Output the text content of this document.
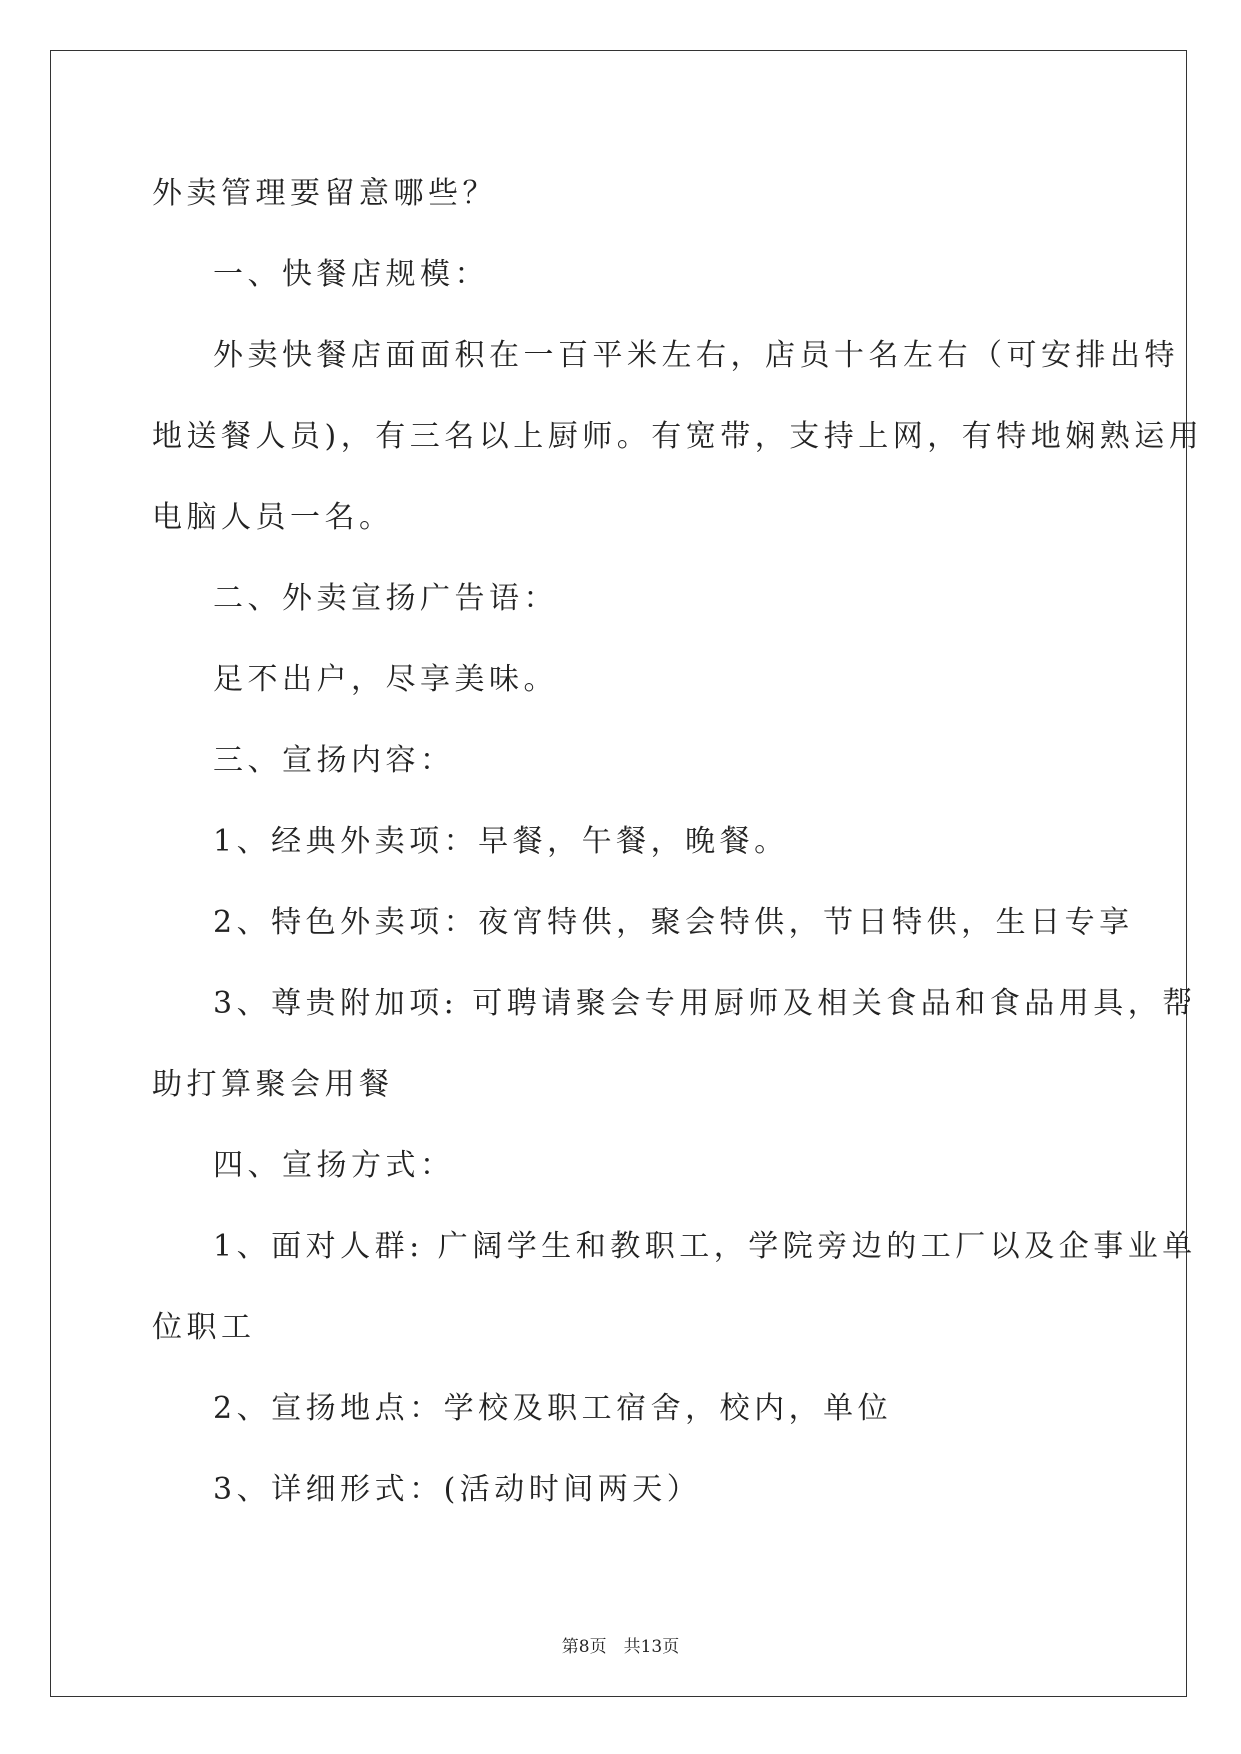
外卖管理要留意哪些？
一、快餐店规模：
外卖快餐店面面积在一百平米左右，店员十名左右（可安排出特
地送餐人员)，有三名以上厨师。有宽带，支持上网，有特地娴熟运用
电脑人员一名。
二、外卖宣扬广告语：
足不出户，尽享美味。
三、宣扬内容：
1、经典外卖项：早餐，午餐，晚餐。
2、特色外卖项：夜宵特供，聚会特供，节日特供，生日专享
3、尊贵附加项: 可聘请聚会专用厨师及相关食品和食品用具，帮
助打算聚会用餐
四、宣扬方式：
1、面对人群: 广阔学生和教职工，学院旁边的工厂以及企事业单
位职工
2、宣扬地点：学校及职工宿舍，校内，单位
3、详细形式：(活动时间两天）
第8页　共13页
